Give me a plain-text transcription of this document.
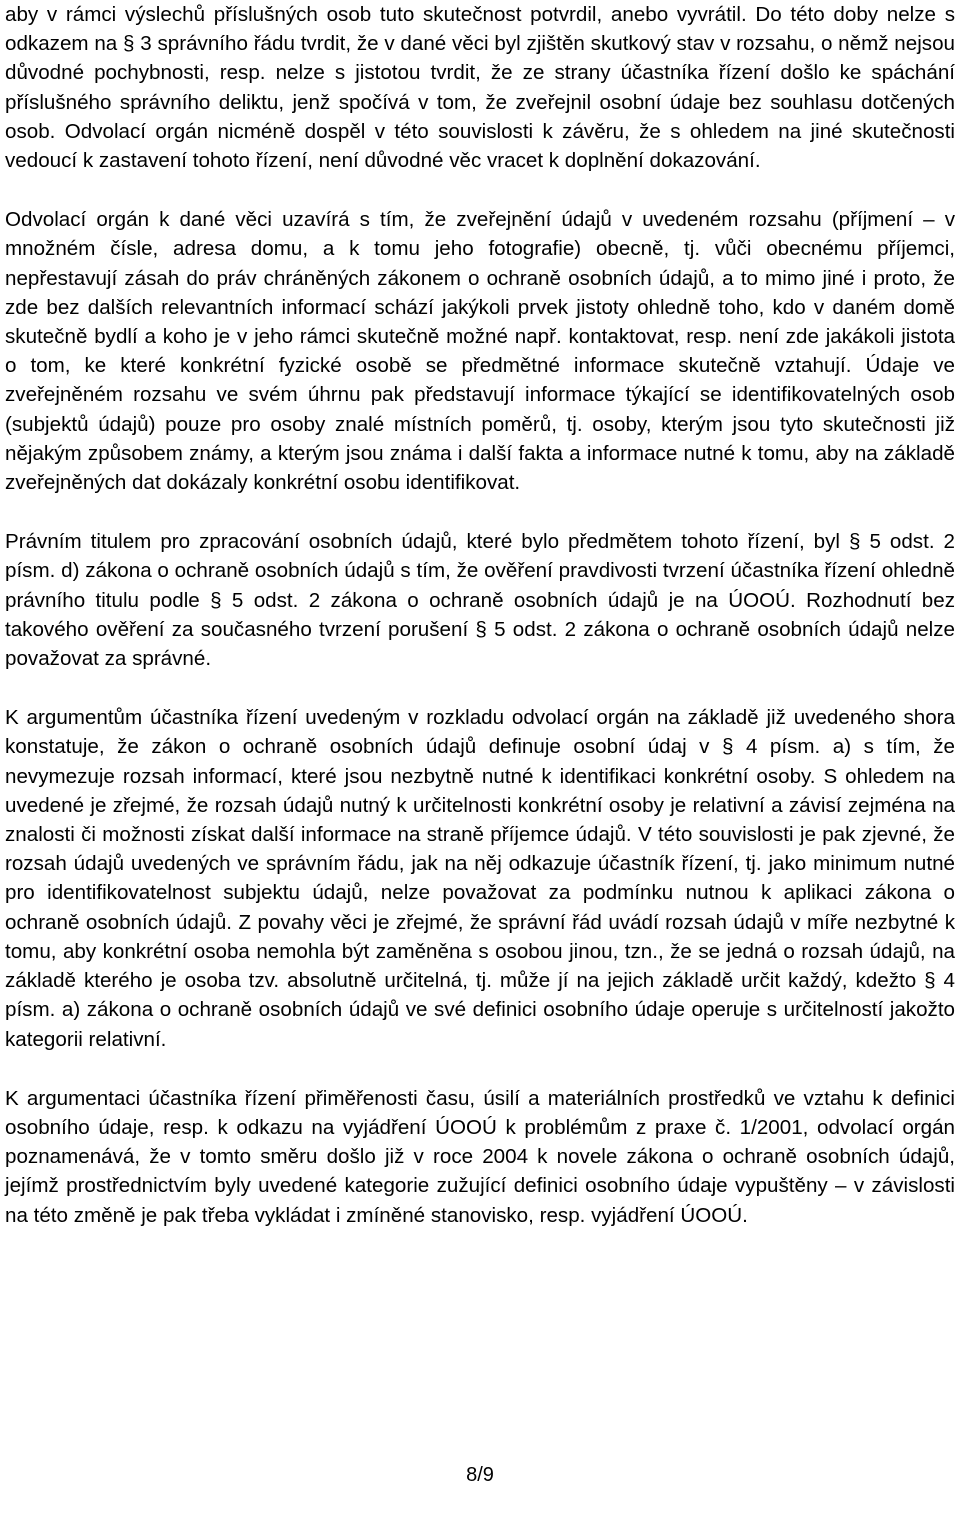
aby v rámci výslechů příslušných osob tuto skutečnost potvrdil, anebo vyvrátil. Do této doby nelze s odkazem na § 3 správního řádu tvrdit, že v dané věci byl zjištěn skutkový stav v rozsahu, o němž nejsou důvodné pochybnosti, resp. nelze s jistotou tvrdit, že ze strany účastníka řízení došlo ke spáchání příslušného správního deliktu, jenž spočívá v tom, že zveřejnil osobní údaje bez souhlasu dotčených osob. Odvolací orgán nicméně dospěl v této souvislosti k závěru, že s ohledem na jiné skutečnosti vedoucí k zastavení tohoto řízení, není důvodné věc vracet k doplnění dokazování.

Odvolací orgán k dané věci uzavírá s tím, že zveřejnění údajů v uvedeném rozsahu (příjmení – v množném čísle, adresa domu, a k tomu jeho fotografie) obecně, tj. vůči obecnému příjemci, nepřestavují zásah do práv chráněných zákonem o ochraně osobních údajů, a to mimo jiné i proto, že zde bez dalších relevantních informací schází jakýkoli prvek jistoty ohledně toho, kdo v daném domě skutečně bydlí a koho je v jeho rámci skutečně možné např. kontaktovat, resp. není zde jakákoli jistota o tom, ke které konkrétní fyzické osobě se předmětné informace skutečně vztahují. Údaje ve zveřejněném rozsahu ve svém úhrnu pak představují informace týkající se identifikovatelných osob (subjektů údajů) pouze pro osoby znalé místních poměrů, tj. osoby, kterým jsou tyto skutečnosti již nějakým způsobem známy, a kterým jsou známa i další fakta a informace nutné k tomu, aby na základě zveřejněných dat dokázaly konkrétní osobu identifikovat.

Právním titulem pro zpracování osobních údajů, které bylo předmětem tohoto řízení, byl § 5 odst. 2 písm. d) zákona o ochraně osobních údajů s tím, že ověření pravdivosti tvrzení účastníka řízení ohledně právního titulu podle § 5 odst. 2 zákona o ochraně osobních údajů je na ÚOOÚ. Rozhodnutí bez takového ověření za současného tvrzení porušení § 5 odst. 2 zákona o ochraně osobních údajů nelze považovat za správné.

K argumentům účastníka řízení uvedeným v rozkladu odvolací orgán na základě již uvedeného shora konstatuje, že zákon o ochraně osobních údajů definuje osobní údaj v § 4 písm. a) s tím, že nevymezuje rozsah informací, které jsou nezbytně nutné k identifikaci konkrétní osoby. S ohledem na uvedené je zřejmé, že rozsah údajů nutný k určitelnosti konkrétní osoby je relativní a závisí zejména na znalosti či možnosti získat další informace na straně příjemce údajů. V této souvislosti je pak zjevné, že rozsah údajů uvedených ve správním řádu, jak na něj odkazuje účastník řízení, tj. jako minimum nutné pro identifikovatelnost subjektu údajů, nelze považovat za podmínku nutnou k aplikaci zákona o ochraně osobních údajů. Z povahy věci je zřejmé, že správní řád uvádí rozsah údajů v míře nezbytné k tomu, aby konkrétní osoba nemohla být zaměněna s osobou jinou, tzn., že se jedná o rozsah údajů, na základě kterého je osoba tzv. absolutně určitelná, tj. může jí na jejich základě určit každý, kdežto § 4 písm. a) zákona o ochraně osobních údajů ve své definici osobního údaje operuje s určitelností jakožto kategorii relativní.

K argumentaci účastníka řízení přiměřenosti času, úsilí a materiálních prostředků ve vztahu k definici osobního údaje, resp. k odkazu na vyjádření ÚOOÚ k problémům z praxe č. 1/2001, odvolací orgán poznamenává, že v tomto směru došlo již v roce 2004 k novele zákona o ochraně osobních údajů, jejímž prostřednictvím byly uvedené kategorie zužující definici osobního údaje vypuštěny – v závislosti na této změně je pak třeba vykládat i zmíněné stanovisko, resp. vyjádření ÚOOÚ.

8/9
